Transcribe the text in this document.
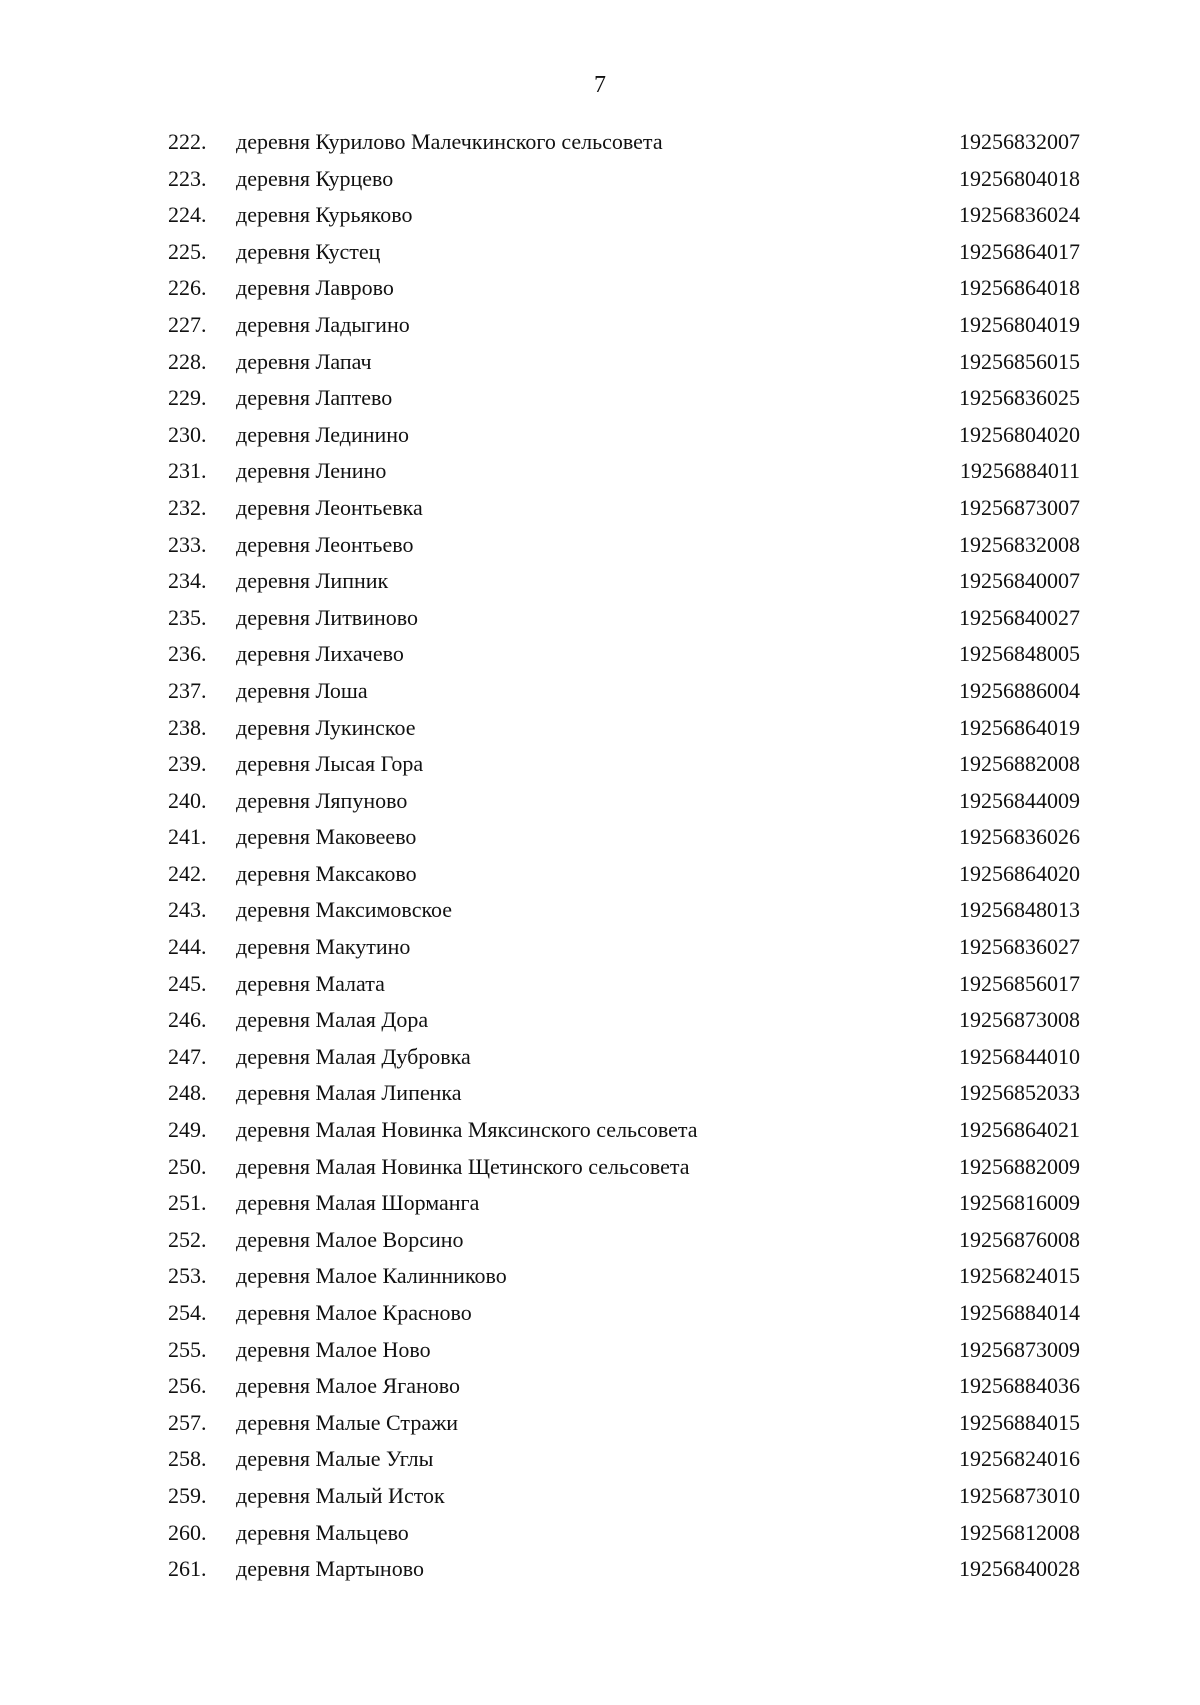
7
222.	деревня Курилово Малечкинского сельсовета	19256832007
223.	деревня Курцево	19256804018
224.	деревня Курьяково	19256836024
225.	деревня Кустец	19256864017
226.	деревня Лаврово	19256864018
227.	деревня Ладыгино	19256804019
228.	деревня Лапач	19256856015
229.	деревня Лаптево	19256836025
230.	деревня Лединино	19256804020
231.	деревня Ленино	19256884011
232.	деревня Леонтьевка	19256873007
233.	деревня Леонтьево	19256832008
234.	деревня Липник	19256840007
235.	деревня Литвиново	19256840027
236.	деревня Лихачево	19256848005
237.	деревня Лоша	19256886004
238.	деревня Лукинское	19256864019
239.	деревня Лысая Гора	19256882008
240.	деревня Ляпуново	19256844009
241.	деревня Маковеево	19256836026
242.	деревня Максаково	19256864020
243.	деревня Максимовское	19256848013
244.	деревня Макутино	19256836027
245.	деревня Малата	19256856017
246.	деревня Малая Дора	19256873008
247.	деревня Малая Дубровка	19256844010
248.	деревня Малая Липенка	19256852033
249.	деревня Малая Новинка Мяксинского сельсовета	19256864021
250.	деревня Малая Новинка Щетинского сельсовета	19256882009
251.	деревня Малая Шорманга	19256816009
252.	деревня Малое Ворсино	19256876008
253.	деревня Малое Калинниково	19256824015
254.	деревня Малое Красново	19256884014
255.	деревня Малое Ново	19256873009
256.	деревня Малое Яганово	19256884036
257.	деревня Малые Стражи	19256884015
258.	деревня Малые Углы	19256824016
259.	деревня Малый Исток	19256873010
260.	деревня Мальцево	19256812008
261.	деревня Мартыново	19256840028
